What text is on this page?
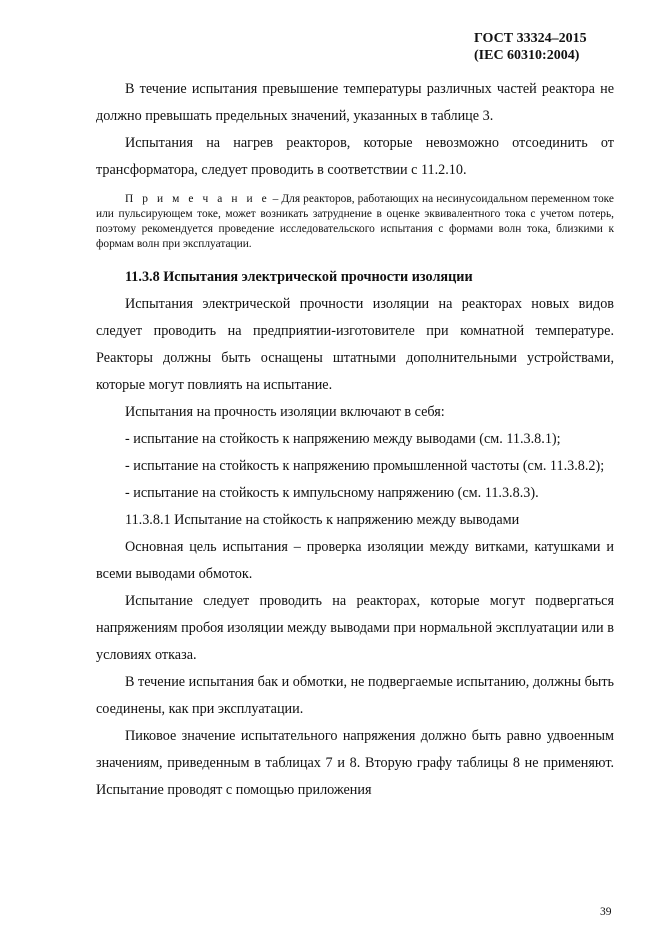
ГОСТ 33324–2015
(IEC 60310:2004)

В течение испытания превышение температуры различных частей реактора не должно превышать предельных значений, указанных в таблице 3.

Испытания на нагрев реакторов, которые невозможно отсоединить от трансформатора, следует проводить в соответствии с 11.2.10.

П р и м е ч а н и е – Для реакторов, работающих на несинусоидальном переменном токе или пульсирующем токе, может возникать затруднение в оценке эквивалентного тока с учетом потерь, поэтому рекомендуется проведение исследовательского испытания с формами волн тока, близкими к формам волн при эксплуатации.

11.3.8 Испытания электрической прочности изоляции

Испытания электрической прочности изоляции на реакторах новых видов следует проводить на предприятии-изготовителе при комнатной температуре. Реакторы должны быть оснащены штатными дополнительными устройствами, которые могут повлиять на испытание.

Испытания на прочность изоляции включают в себя:

- испытание на стойкость к напряжению между выводами (см. 11.3.8.1);

- испытание на стойкость к напряжению промышленной частоты (см. 11.3.8.2);

- испытание на стойкость к импульсному напряжению (см. 11.3.8.3).

11.3.8.1 Испытание на стойкость к напряжению между выводами

Основная цель испытания – проверка изоляции между витками, катушками и всеми выводами обмоток.

Испытание следует проводить на реакторах, которые могут подвергаться напряжениям пробоя изоляции между выводами при нормальной эксплуатации или в условиях отказа.

В течение испытания бак и обмотки, не подвергаемые испытанию, должны быть соединены, как при эксплуатации.

Пиковое значение испытательного напряжения должно быть равно удвоенным значениям, приведенным в таблицах 7 и 8. Вторую графу таблицы 8 не применяют. Испытание проводят с помощью приложения

39
